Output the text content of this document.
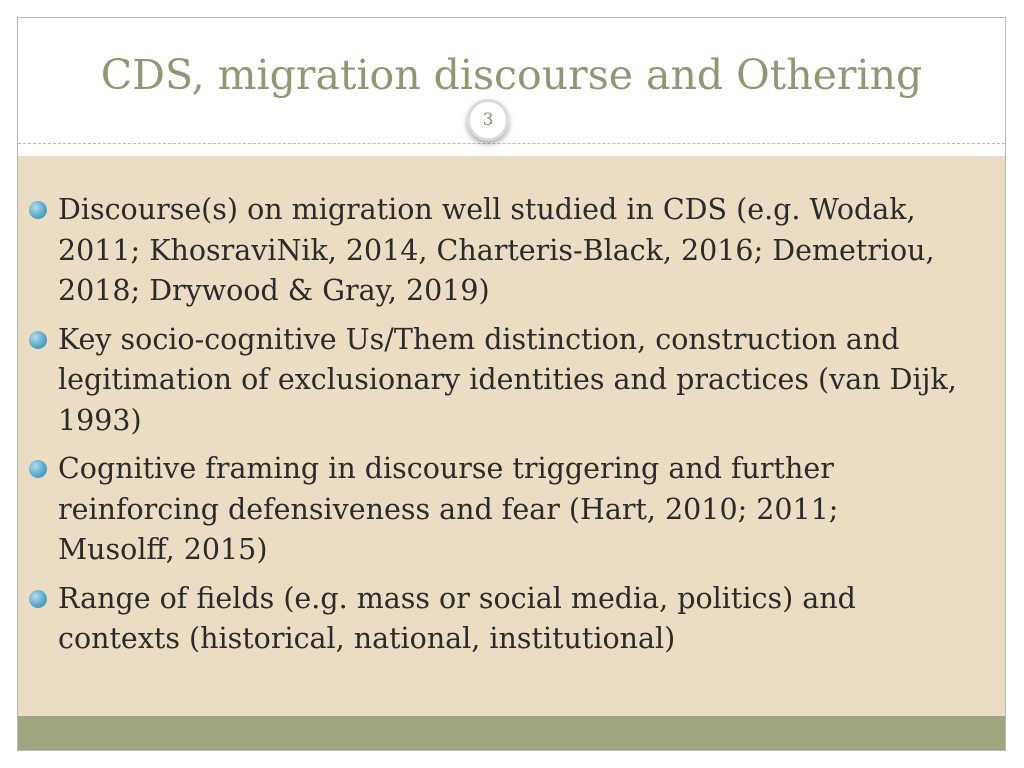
CDS, migration discourse and Othering
3
Discourse(s) on migration well studied in CDS (e.g. Wodak, 2011; KhosraviNik, 2014, Charteris-Black, 2016; Demetriou, 2018; Drywood & Gray, 2019)
Key socio-cognitive Us/Them distinction, construction and legitimation of exclusionary identities and practices (van Dijk, 1993)
Cognitive framing in discourse triggering and further reinforcing defensiveness and fear (Hart, 2010; 2011; Musolff, 2015)
Range of fields (e.g. mass or social media, politics) and contexts (historical, national, institutional)
